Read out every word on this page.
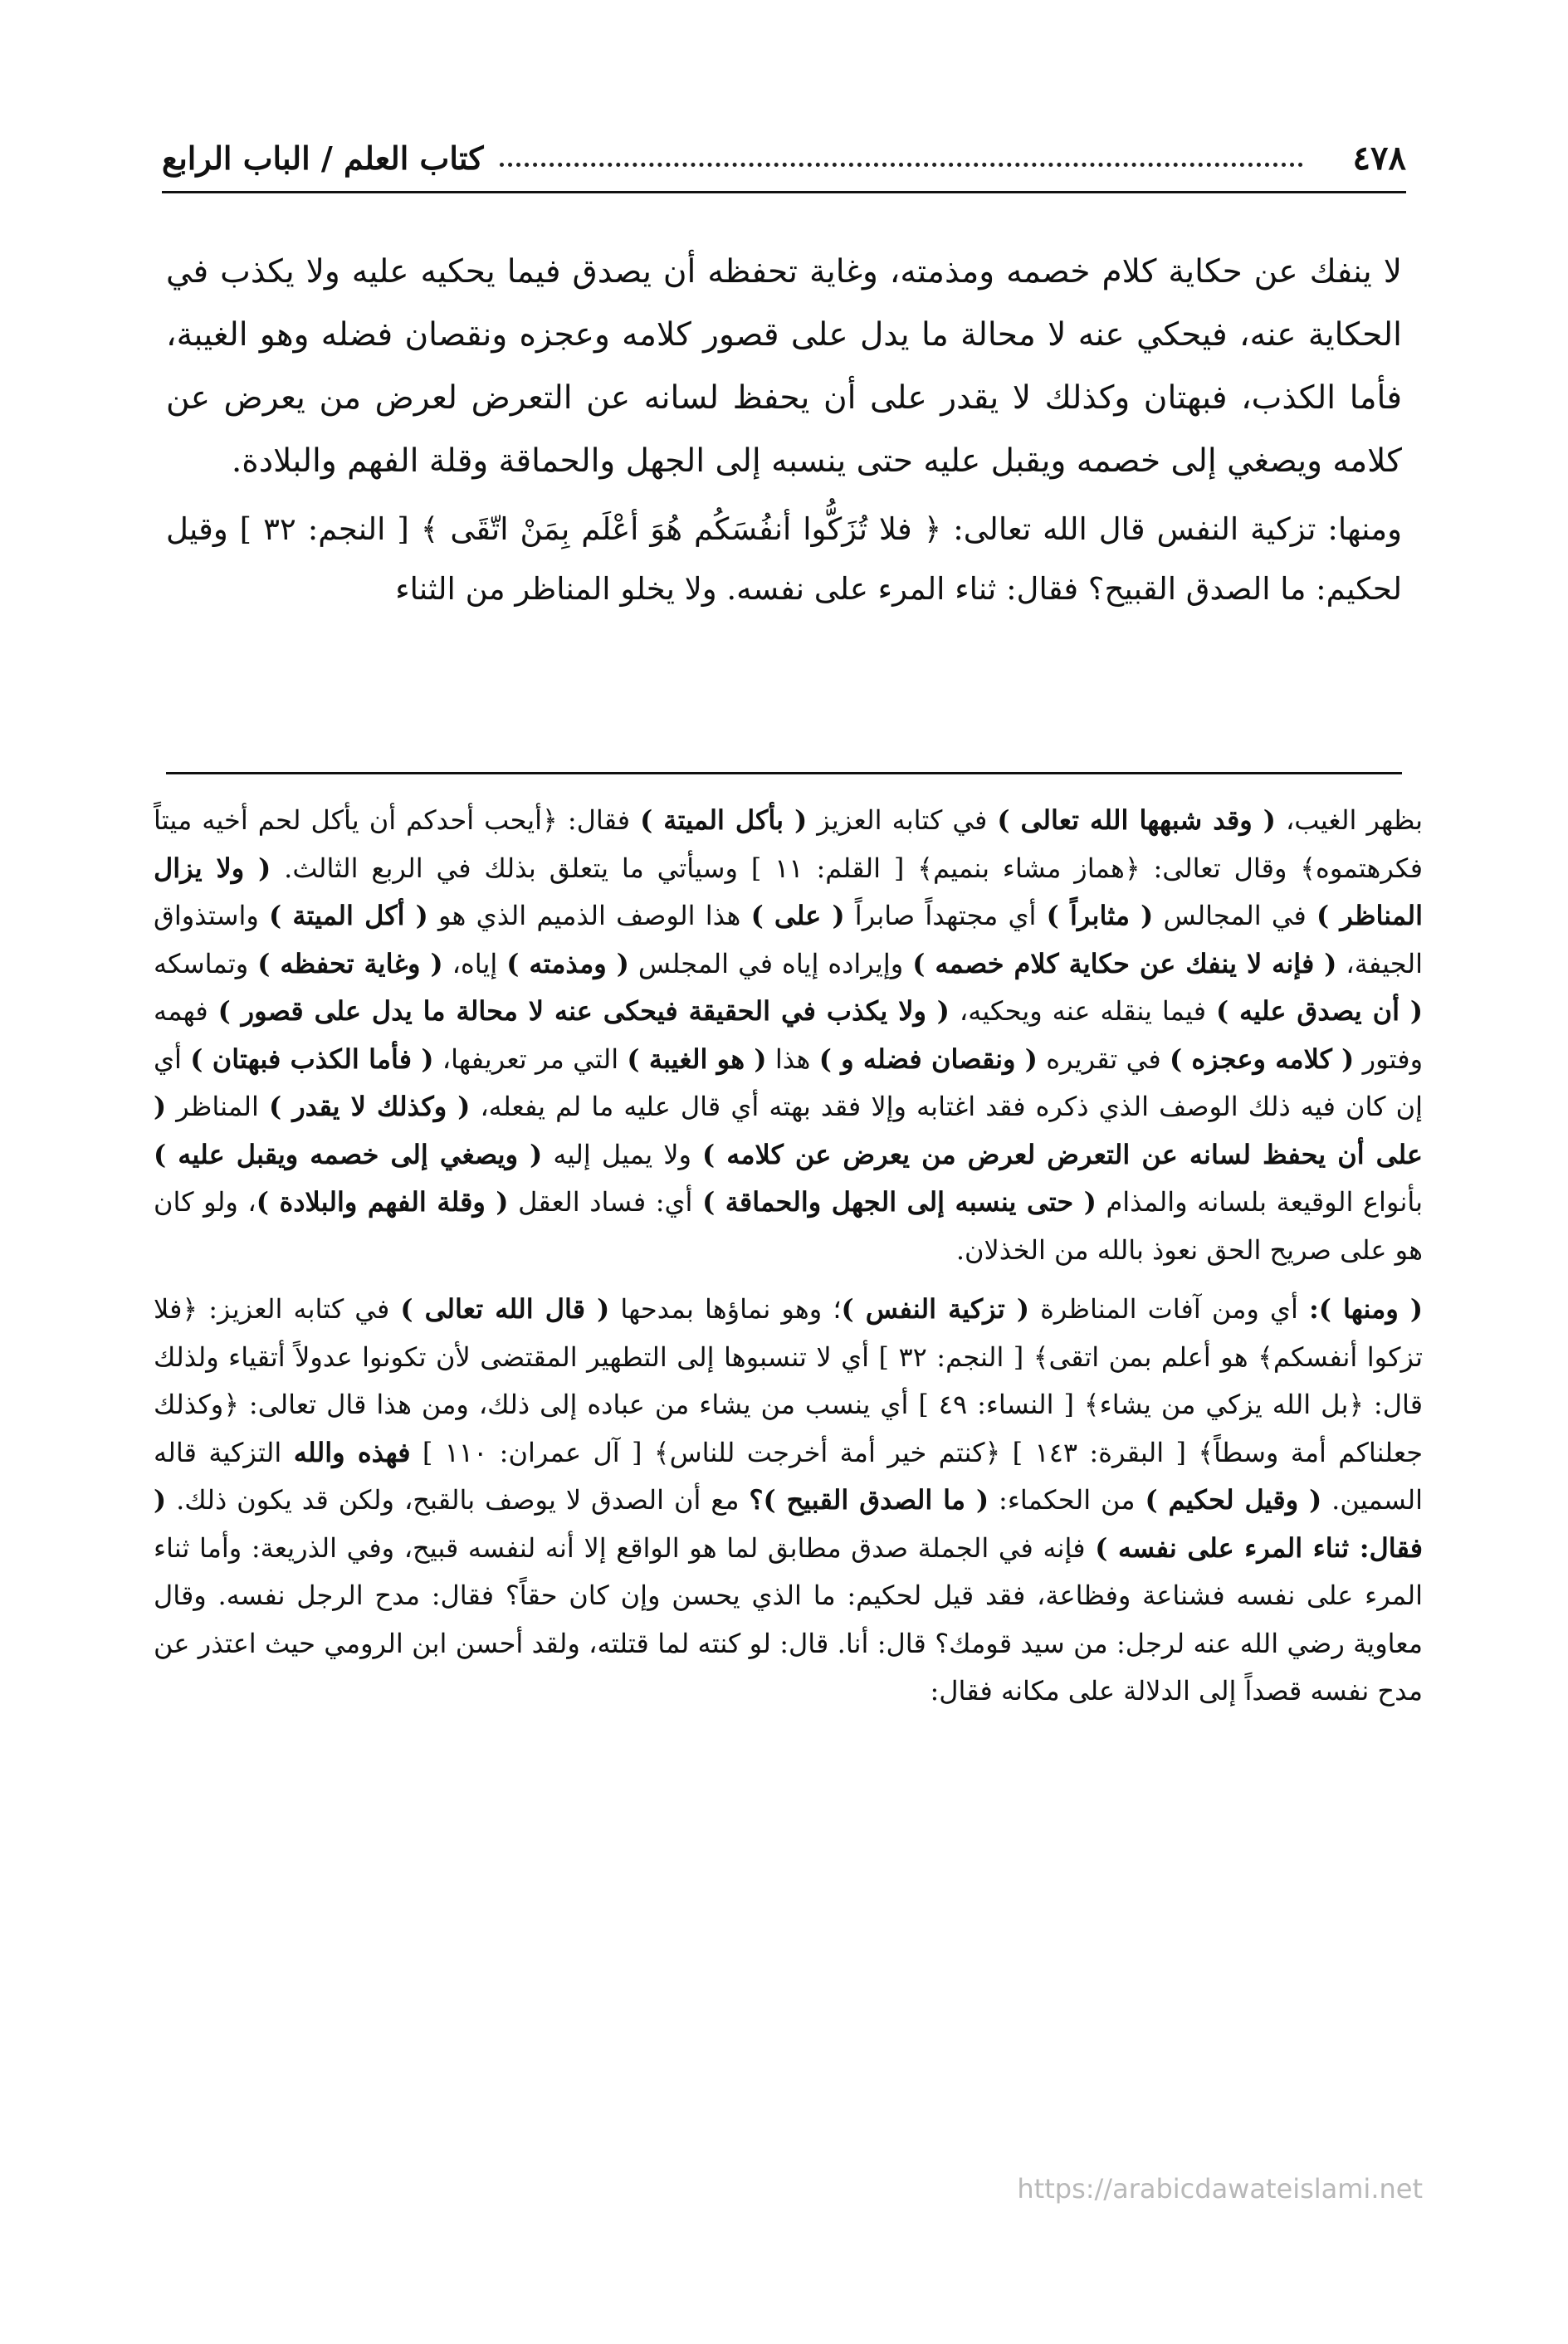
٤٧٨
كتاب العلم / الباب الرابع

لا ينفك عن حكاية كلام خصمه ومذمته، وغاية تحفظه أن يصدق فيما يحكيه عليه ولا يكذب في الحكاية عنه، فيحكي عنه لا محالة ما يدل على قصور كلامه وعجزه ونقصان فضله وهو الغيبة، فأما الكذب، فبهتان وكذلك لا يقدر على أن يحفظ لسانه عن التعرض لعرض من يعرض عن كلامه ويصغي إلى خصمه ويقبل عليه حتى ينسبه إلى الجهل والحماقة وقلة الفهم والبلادة.

ومنها: تزكية النفس قال الله تعالى: ﴿ فلا تُزَكُّوا أنفُسَكُم هُوَ أعْلَم بِمَنْ اتّقَى ﴾ [ النجم: ٣٢ ] وقيل لحكيم: ما الصدق القبيح؟ فقال: ثناء المرء على نفسه. ولا يخلو المناظر من الثناء

بظهر الغيب، ( وقد شبهها الله تعالى ) في كتابه العزيز ( بأكل الميتة ) فقال: ﴿أيحب أحدكم أن يأكل لحم أخيه ميتاً فكرهتموه﴾ وقال تعالى: ﴿هماز مشاء بنميم﴾ [ القلم: ١١ ] وسيأتي ما يتعلق بذلك في الربع الثالث. ( ولا يزال المناظر ) في المجالس ( مثابراً ) أي مجتهداً صابراً ( على ) هذا الوصف الذميم الذي هو ( أكل الميتة ) واستذواق الجيفة، ( فإنه لا ينفك عن حكاية كلام خصمه ) وإيراده إياه في المجلس ( ومذمته ) إياه، ( وغاية تحفظه ) وتماسكه ( أن يصدق عليه ) فيما ينقله عنه ويحكيه، ( ولا يكذب في الحقيقة فيحكى عنه لا محالة ما يدل على قصور ) فهمه وفتور ( كلامه وعجزه ) في تقريره ( ونقصان فضله و ) هذا ( هو الغيبة ) التي مر تعريفها، ( فأما الكذب فبهتان ) أي إن كان فيه ذلك الوصف الذي ذكره فقد اغتابه وإلا فقد بهته أي قال عليه ما لم يفعله، ( وكذلك لا يقدر ) المناظر ( على أن يحفظ لسانه عن التعرض لعرض من يعرض عن كلامه ) ولا يميل إليه ( ويصغي إلى خصمه ويقبل عليه ) بأنواع الوقيعة بلسانه والمذام ( حتى ينسبه إلى الجهل والحماقة ) أي: فساد العقل ( وقلة الفهم والبلادة )، ولو كان هو على صريح الحق نعوذ بالله من الخذلان.

( ومنها ): أي ومن آفات المناظرة ( تزكية النفس )؛ وهو نماؤها بمدحها ( قال الله تعالى ) في كتابه العزيز: ﴿فلا تزكوا أنفسكم﴾ هو أعلم بمن اتقى﴾ [ النجم: ٣٢ ] أي لا تنسبوها إلى التطهير المقتضى لأن تكونوا عدولاً أتقياء ولذلك قال: ﴿بل الله يزكي من يشاء﴾ [ النساء: ٤٩ ] أي ينسب من يشاء من عباده إلى ذلك، ومن هذا قال تعالى: ﴿وكذلك جعلناكم أمة وسطاً﴾ [ البقرة: ١٤٣ ] ﴿كنتم خير أمة أخرجت للناس﴾ [ آل عمران: ١١٠ ] فهذه والله التزكية قاله السمين. ( وقيل لحكيم ) من الحكماء: ( ما الصدق القبيح )؟ مع أن الصدق لا يوصف بالقبح، ولكن قد يكون ذلك. ( فقال: ثناء المرء على نفسه ) فإنه في الجملة صدق مطابق لما هو الواقع إلا أنه لنفسه قبيح، وفي الذريعة: وأما ثناء المرء على نفسه فشناعة وفظاعة، فقد قيل لحكيم: ما الذي يحسن وإن كان حقاً؟ فقال: مدح الرجل نفسه. وقال معاوية رضي الله عنه لرجل: من سيد قومك؟ قال: أنا. قال: لو كنته لما قتلته، ولقد أحسن ابن الرومي حيث اعتذر عن مدح نفسه قصداً إلى الدلالة على مكانه فقال:

https://arabicdawateislami.net
